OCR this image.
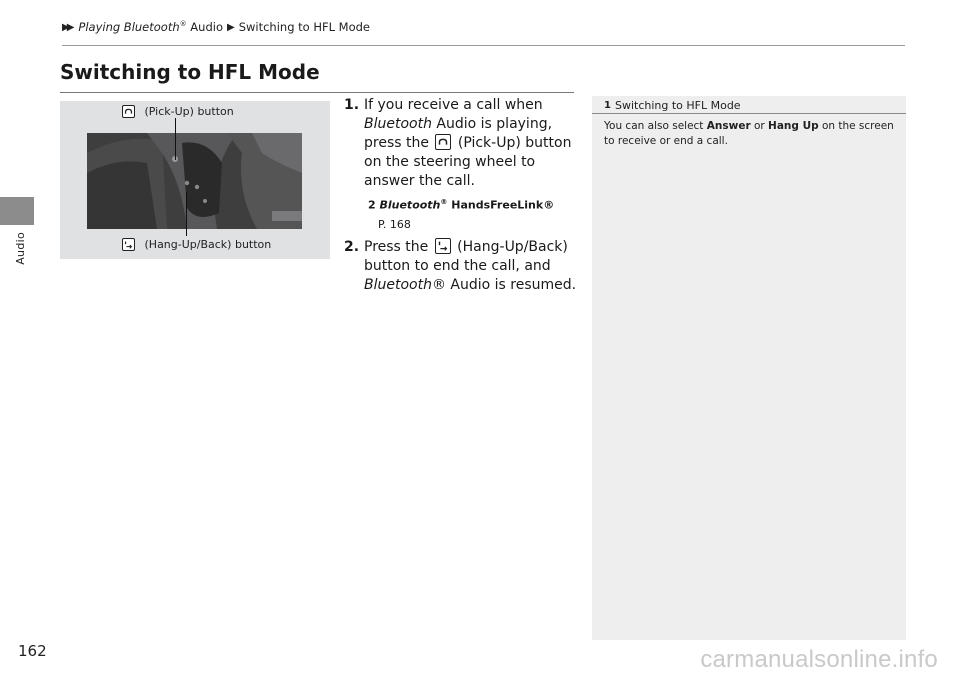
Audio
▶▶ Playing Bluetooth® Audio ▶ Switching to HFL Mode
Switching to HFL Mode
(Pick-Up) button
(Hang-Up/Back) button
1. If you receive a call when Bluetooth Audio is playing, press the
(Pick-Up) button on the steering wheel to answer the call.
2 Bluetooth® HandsFreeLink®
P. 168
2. Press the
(Hang-Up/Back) button to end the call, and Bluetooth® Audio is resumed.
1 Switching to HFL Mode
You can also select Answer or Hang Up on the screen to receive or end a call.
162	carmanualsonline.info
